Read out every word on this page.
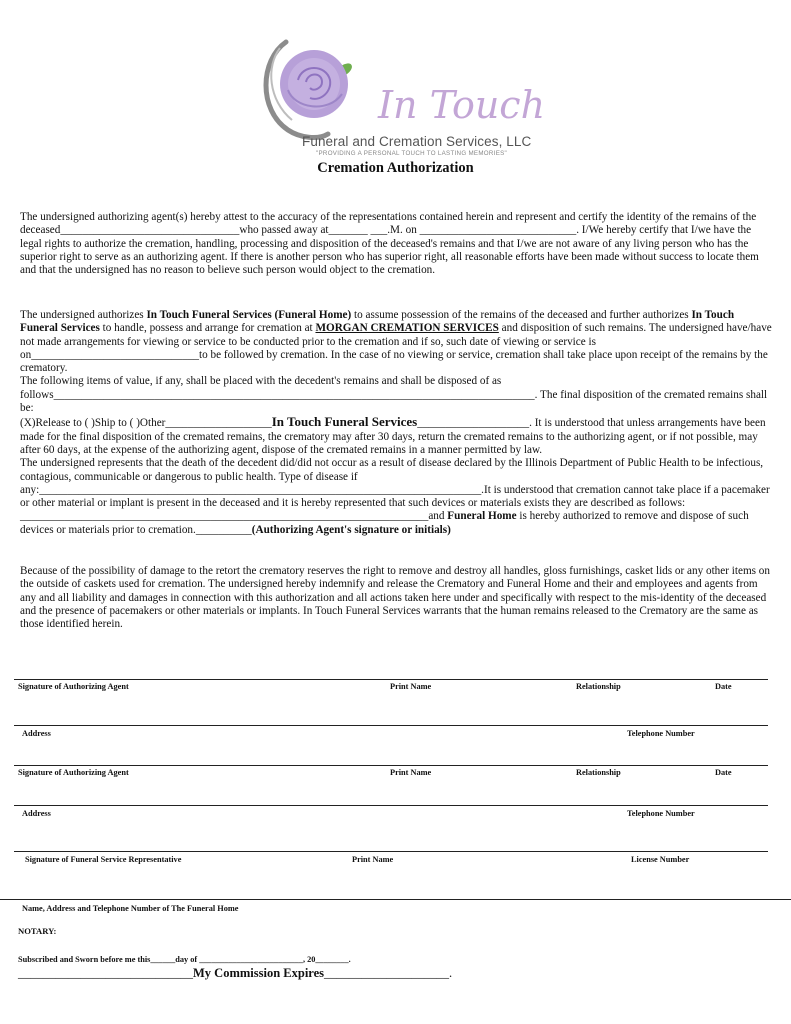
In Touch
Funeral and Cremation Services, LLC
"PROVIDING A PERSONAL TOUCH TO LASTING MEMORIES"
Cremation Authorization

The undersigned authorizing agent(s) hereby attest to the accuracy of the representations contained herein and represent and certify the identity of the remains of the deceased________________________________who passed away at_______ ___.M. on ____________________________. I/We hereby certify that I/we have the legal rights to authorize the cremation, handling, processing and disposition of the deceased's remains and that I/we are not aware of any living person who has the superior right to serve as an authorizing agent. If there is another person who has superior right, all reasonable efforts have been made without success to locate them and that the undersigned has no reason to believe such person would object to the cremation.

The undersigned authorizes In Touch Funeral Services (Funeral Home) to assume possession of the remains of the deceased and further authorizes In Touch Funeral Services to handle, possess and arrange for cremation at MORGAN CREMATION SERVICES and disposition of such remains. The undersigned have/have not made arrangements for viewing or service to be conducted prior to the cremation and if so, such date of viewing or service is on______________________________to be followed by cremation. In the case of no viewing or service, cremation shall take place upon receipt of the remains by the crematory.

The following items of value, if any, shall be placed with the decedent's remains and shall be disposed of as follows______________________________________________________________________________________. The final disposition of the cremated remains shall be:

(X)Release to ( )Ship to ( )Other___________________In Touch Funeral Services____________________. It is understood that unless arrangements have been made for the final disposition of the cremated remains, the crematory may after 30 days, return the cremated remains to the authorizing agent, or if not possible, may after 60 days, at the expense of the authorizing agent, dispose of the cremated remains in a manner permitted by law.

The undersigned represents that the death of the decedent did/did not occur as a result of disease declared by the Illinois Department of Public Health to be infectious, contagious, communicable or dangerous to public health. Type of disease if any:_______________________________________________________________________________.It is understood that cremation cannot take place if a pacemaker or other material or implant is present in the deceased and it is hereby represented that such devices or materials exists they are described as follows: _________________________________________________________________________and Funeral Home is hereby authorized to remove and dispose of such devices or materials prior to cremation.__________(Authorizing Agent's signature or initials)

Because of the possibility of damage to the retort the crematory reserves the right to remove and destroy all handles, gloss furnishings, casket lids or any other items on the outside of caskets used for cremation. The undersigned hereby indemnify and release the Crematory and Funeral Home and their and employees and agents from any and all liability and damages in connection with this authorization and all actions taken here under and specifically with respect to the mis-identity of the deceased and the presence of pacemakers or other materials or implants. In Touch Funeral Services warrants that the human remains released to the Crematory are the same as those identified herein.

Signature of Authorizing Agent	Print Name	Relationship	Date
Address	Telephone Number
Signature of Authorizing Agent	Print Name	Relationship	Date
Address	Telephone Number
Signature of Funeral Service Representative	Print Name	License Number
Name, Address and Telephone Number of The Funeral Home
NOTARY:
Subscribed and Sworn before me this______day of _________________________, 20________.
____________________________My Commission Expires____________________.
